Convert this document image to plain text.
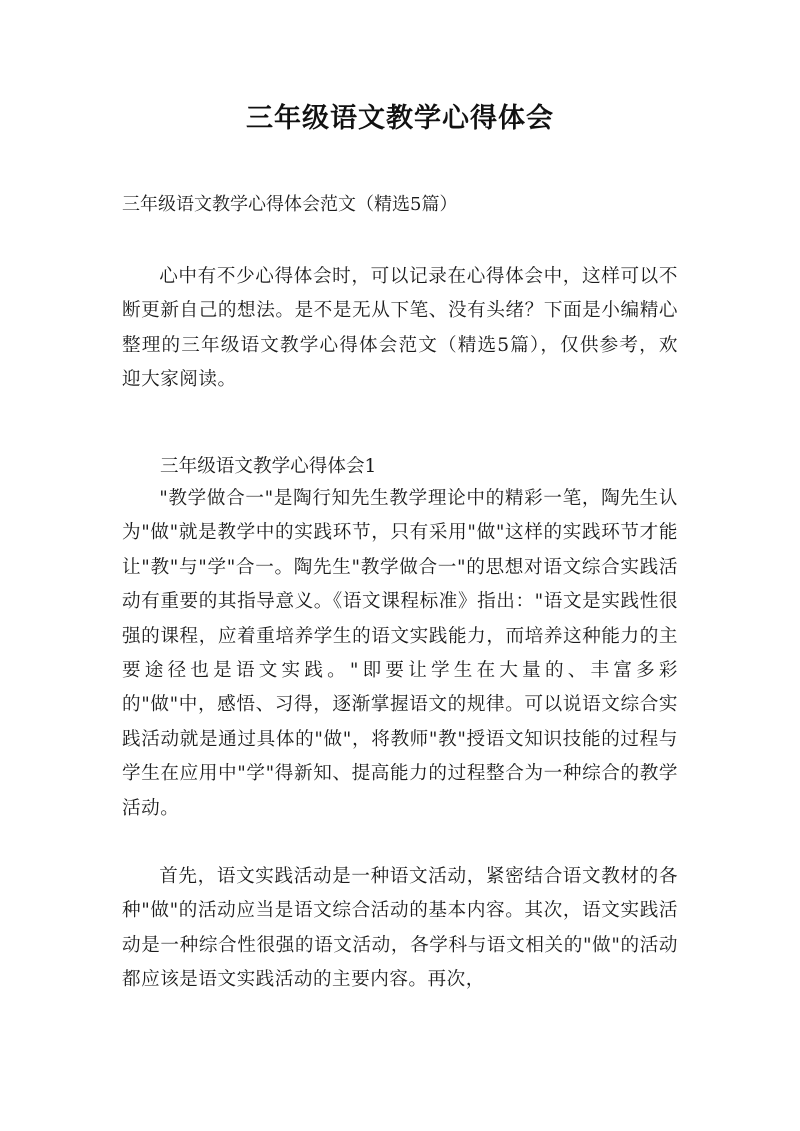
三年级语文教学心得体会

三年级语文教学心得体会范文（精选5篇）

心中有不少心得体会时，可以记录在心得体会中，这样可以不断更新自己的想法。是不是无从下笔、没有头绪？下面是小编精心整理的三年级语文教学心得体会范文（精选5篇），仅供参考，欢迎大家阅读。

三年级语文教学心得体会1

"教学做合一"是陶行知先生教学理论中的精彩一笔，陶先生认为"做"就是教学中的实践环节，只有采用"做"这样的实践环节才能让"教"与"学"合一。陶先生"教学做合一"的思想对语文综合实践活动有重要的其指导意义。《语文课程标准》指出："语文是实践性很强的课程，应着重培养学生的语文实践能力，而培养这种能力的主要途径也是语文实践。"即要让学生在大量的、丰富多彩的"做"中，感悟、习得，逐渐掌握语文的规律。可以说语文综合实践活动就是通过具体的"做"，将教师"教"授语文知识技能的过程与学生在应用中"学"得新知、提高能力的过程整合为一种综合的教学活动。

首先，语文实践活动是一种语文活动，紧密结合语文教材的各种"做"的活动应当是语文综合活动的基本内容。其次，语文实践活动是一种综合性很强的语文活动，各学科与语文相关的"做"的活动都应该是语文实践活动的主要内容。再次，
